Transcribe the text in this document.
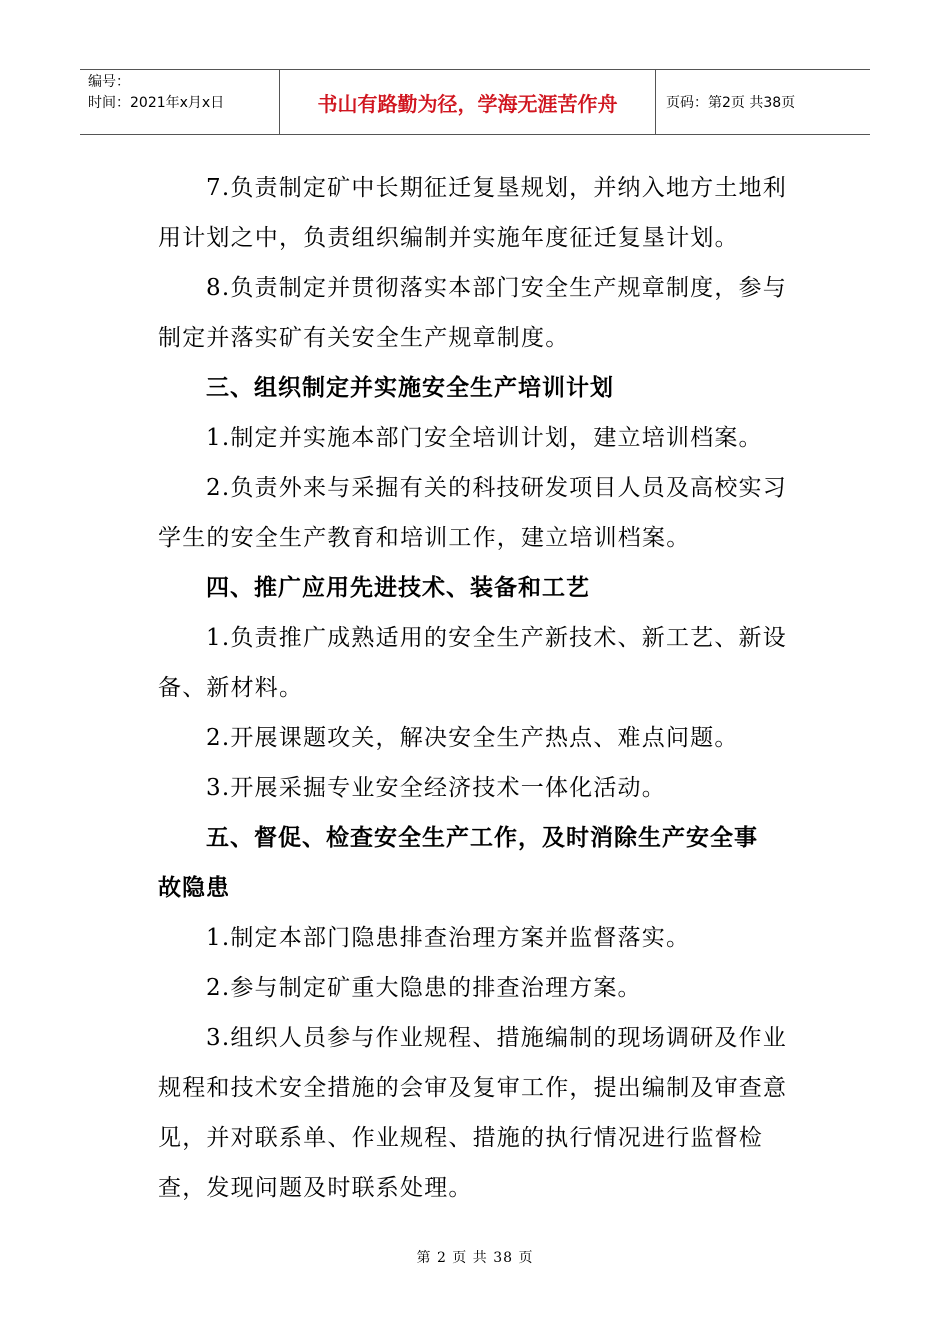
编号：
时间：2021年x月x日	书山有路勤为径，学海无涯苦作舟	页码：第2页 共38页

7.负责制定矿中长期征迁复垦规划，并纳入地方土地利用计划之中，负责组织编制并实施年度征迁复垦计划。

8.负责制定并贯彻落实本部门安全生产规章制度，参与制定并落实矿有关安全生产规章制度。

三、组织制定并实施安全生产培训计划

1.制定并实施本部门安全培训计划，建立培训档案。

2.负责外来与采掘有关的科技研发项目人员及高校实习学生的安全生产教育和培训工作，建立培训档案。

四、推广应用先进技术、装备和工艺

1.负责推广成熟适用的安全生产新技术、新工艺、新设备、新材料。

2.开展课题攻关，解决安全生产热点、难点问题。

3.开展采掘专业安全经济技术一体化活动。

五、督促、检查安全生产工作，及时消除生产安全事
故隐患

1.制定本部门隐患排查治理方案并监督落实。

2.参与制定矿重大隐患的排查治理方案。

3.组织人员参与作业规程、措施编制的现场调研及作业规程和技术安全措施的会审及复审工作，提出编制及审查意见，并对联系单、作业规程、措施的执行情况进行监督检查，发现问题及时联系处理。

第 2 页 共 38 页
